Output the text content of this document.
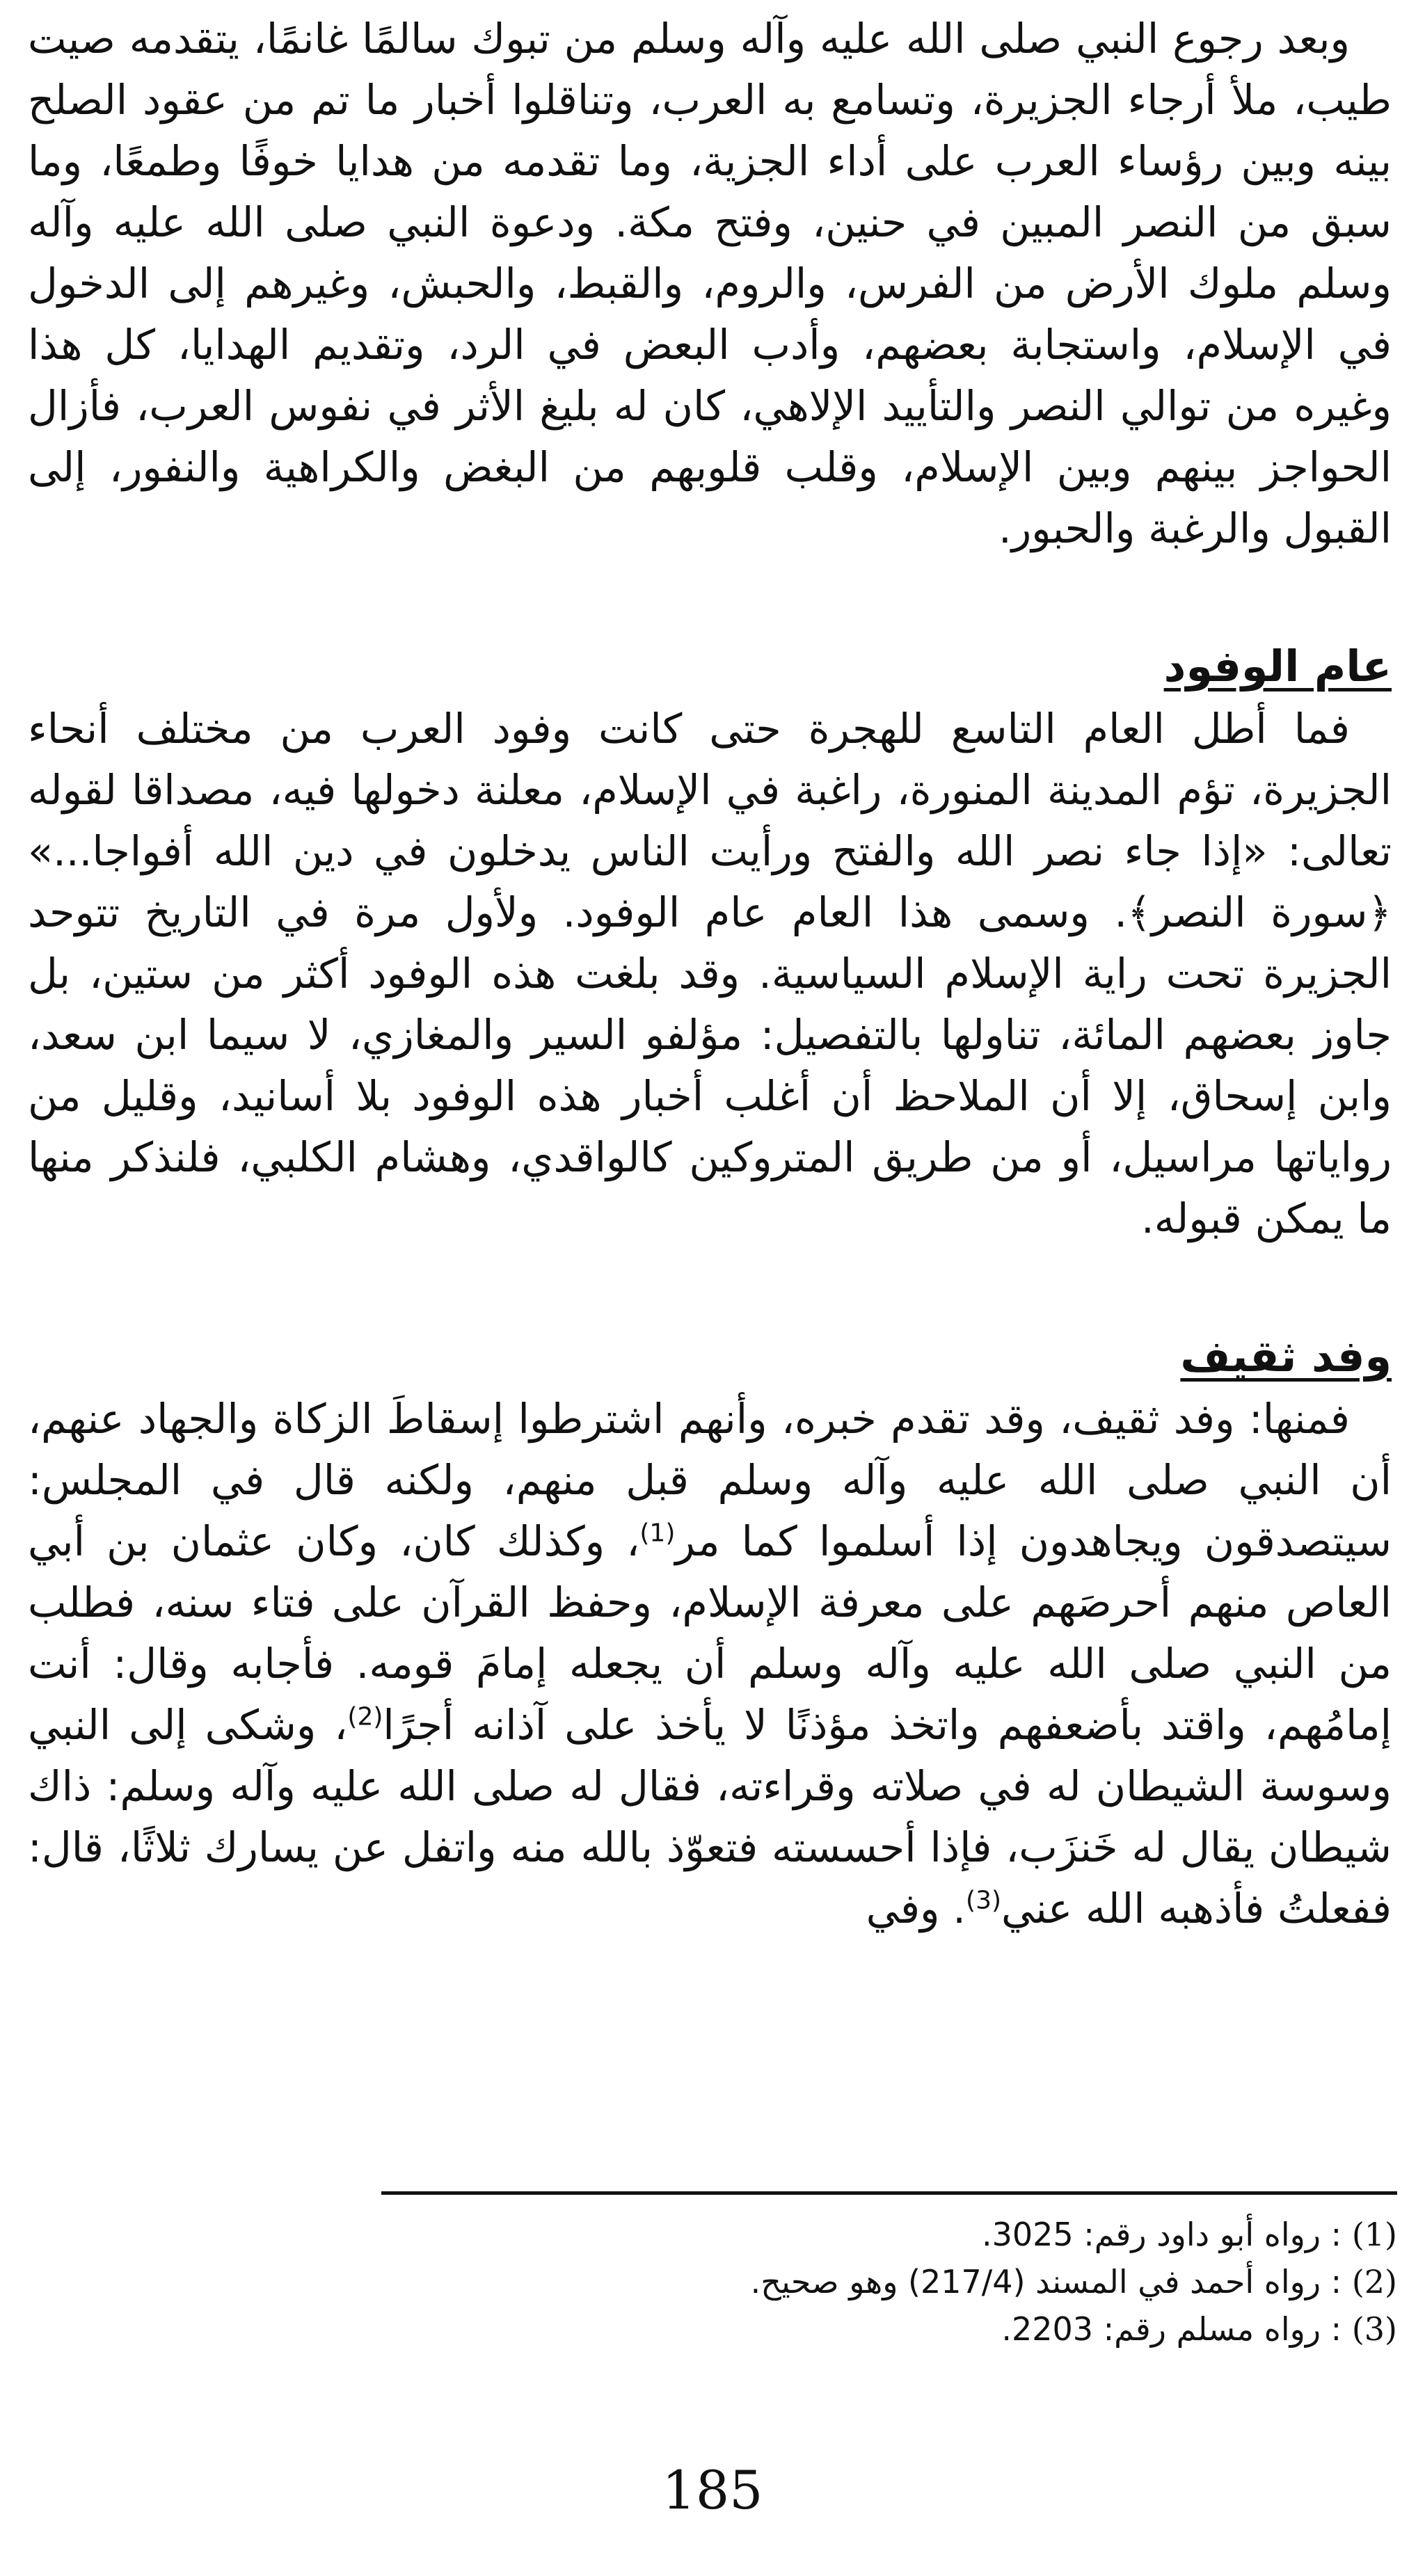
وبعد رجوع النبي صلى الله عليه وآله وسلم من تبوك سالمًا غانمًا، يتقدمه صيت طيب، ملأ أرجاء الجزيرة، وتسامع به العرب، وتناقلوا أخبار ما تم من عقود الصلح بينه وبين رؤساء العرب على أداء الجزية، وما تقدمه من هدايا خوفًا وطمعًا، وما سبق من النصر المبين في حنين، وفتح مكة. ودعوة النبي صلى الله عليه وآله وسلم ملوك الأرض من الفرس، والروم، والقبط، والحبش، وغيرهم إلى الدخول في الإسلام، واستجابة بعضهم، وأدب البعض في الرد، وتقديم الهدايا، كل هذا وغيره من توالي النصر والتأييد الإلاهي، كان له بليغ الأثر في نفوس العرب، فأزال الحواجز بينهم وبين الإسلام، وقلب قلوبهم من البغض والكراهية والنفور، إلى القبول والرغبة والحبور.

عام الوفود

فما أطل العام التاسع للهجرة حتى كانت وفود العرب من مختلف أنحاء الجزيرة، تؤم المدينة المنورة، راغبة في الإسلام، معلنة دخولها فيه، مصداقا لقوله تعالى: «إذا جاء نصر الله والفتح ورأيت الناس يدخلون في دين الله أفواجا...» ﴿سورة النصر﴾. وسمى هذا العام عام الوفود. ولأول مرة في التاريخ تتوحد الجزيرة تحت راية الإسلام السياسية. وقد بلغت هذه الوفود أكثر من ستين، بل جاوز بعضهم المائة، تناولها بالتفصيل: مؤلفو السير والمغازي، لا سيما ابن سعد، وابن إسحاق، إلا أن الملاحظ أن أغلب أخبار هذه الوفود بلا أسانيد، وقليل من رواياتها مراسيل، أو من طريق المتروكين كالواقدي، وهشام الكلبي، فلنذكر منها ما يمكن قبوله.

وفد ثقيف

فمنها: وفد ثقيف، وقد تقدم خبره، وأنهم اشترطوا إسقاطَ الزكاة والجهاد عنهم، أن النبي صلى الله عليه وآله وسلم قبل منهم، ولكنه قال في المجلس: سيتصدقون ويجاهدون إذا أسلموا كما مر$^{(1)}$، وكذلك كان، وكان عثمان بن أبي العاص منهم أحرصَهم على معرفة الإسلام، وحفظ القرآن على فتاء سنه، فطلب من النبي صلى الله عليه وآله وسلم أن يجعله إمامَ قومه. فأجابه وقال: أنت إمامُهم، واقتد بأضعفهم واتخذ مؤذنًا لا يأخذ على آذانه أجرًا$^{(2)}$، وشكى إلى النبي وسوسة الشيطان له في صلاته وقراءته، فقال له صلى الله عليه وآله وسلم: ذاك شيطان يقال له خَنزَب، فإذا أحسسته فتعوّذ بالله منه واتفل عن يسارك ثلاثًا، قال: ففعلتُ فأذهبه الله عني$^{(3)}$. وفي

(1) : رواه أبو داود رقم: 3025.
(2) : رواه أحمد في المسند (217/4) وهو صحيح.
(3) : رواه مسلم رقم: 2203.
185
